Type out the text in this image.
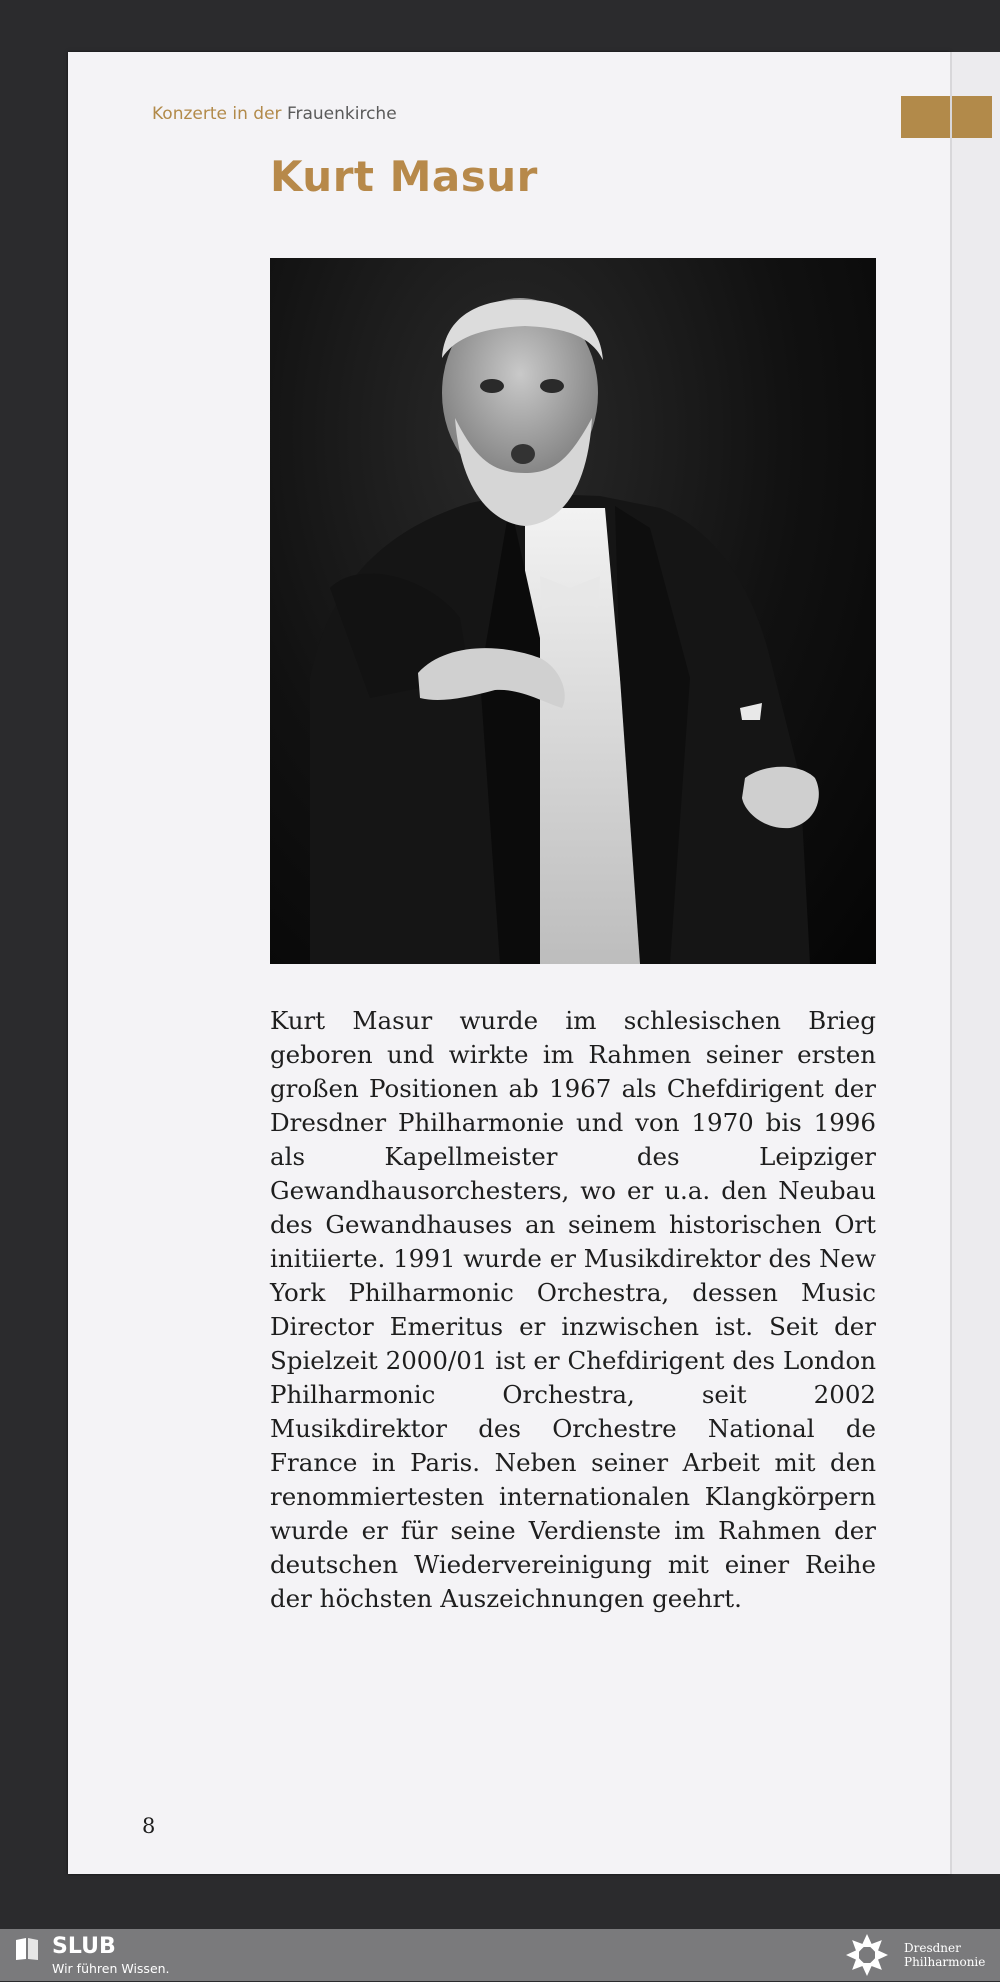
Konzerte in der Frauenkirche
Kurt Masur

Kurt Masur wurde im schlesischen Brieg geboren und wirkte im Rahmen seiner ersten großen Positionen ab 1967 als Chefdirigent der Dresdner Philharmonie und von 1970 bis 1996 als Kapellmeister des Leipziger Gewandhausorchesters, wo er u.a. den Neubau des Gewandhauses an seinem historischen Ort initiierte. 1991 wurde er Musikdirektor des New York Philharmonic Orchestra, dessen Music Director Emeritus er inzwischen ist. Seit der Spielzeit 2000/01 ist er Chefdirigent des London Philharmonic Orchestra, seit 2002 Musikdirektor des Orchestre National de France in Paris. Neben seiner Arbeit mit den renommiertesten internationalen Klangkörpern wurde er für seine Verdienste im Rahmen der deutschen Wiedervereinigung mit einer Reihe der höchsten Auszeichnungen geehrt.

8
SLUB
Wir führen Wissen.
Dresdner
Philharmonie
